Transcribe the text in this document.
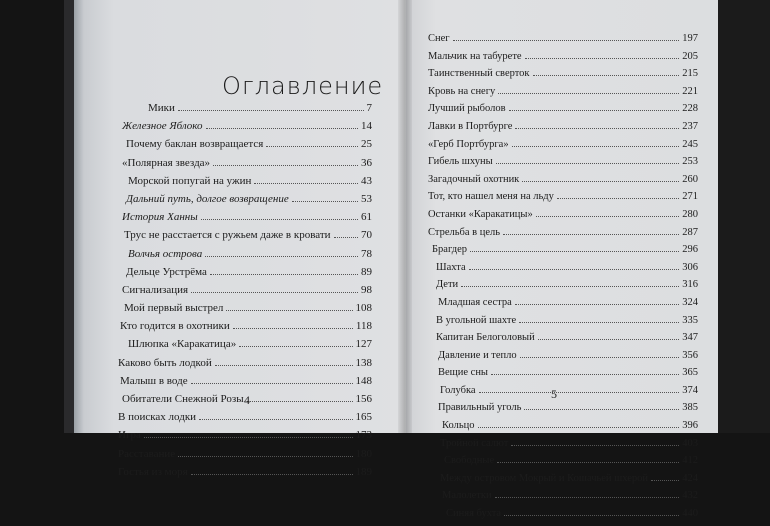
Оглавление
Мики	7
Железное Яблоко	14
Почему баклан возвращается	25
«Полярная звезда»	36
Морской попугай на ужин	43
Дальний путь, долгое возвращение	53
История Ханны	61
Трус не расстается с ружьем даже в кровати	70
Волчья острова	78
Дельце Урстрёма	89
Сигнализация	98
Мой первый выстрел	108
Кто годится в охотники	118
Шлюпка «Каракатица»	127
Каково быть лодкой	138
Малыш в воде	148
Обитатели Снежной Розы	156
В поисках лодки	165
Игра	173
Расставание	180
Гостья из моря	189
Снег	197
Мальчик на табурете	205
Таинственный сверток	215
Кровь на снегу	221
Лучший рыболов	228
Лавки в Портбурге	237
«Герб Портбурга»	245
Гибель шхуны	253
Загадочный охотник	260
Тот, кто нашел меня на льду	271
Останки «Каракатицы»	280
Стрельба в цель	287
Брагдер	296
Шахта	306
Дети	316
Младшая сестра	324
В угольной шахте	335
Капитан Белоголовый	347
Давление и тепло	356
Вещие сны	365
Голубка	374
Правильный уголь	385
Кольцо	396
Тройной салют	403
Свободные	412
Между островом Мокрый и Кошачьей шхерой	424
Малолетки	432
Синяя бухта	440
4	5
